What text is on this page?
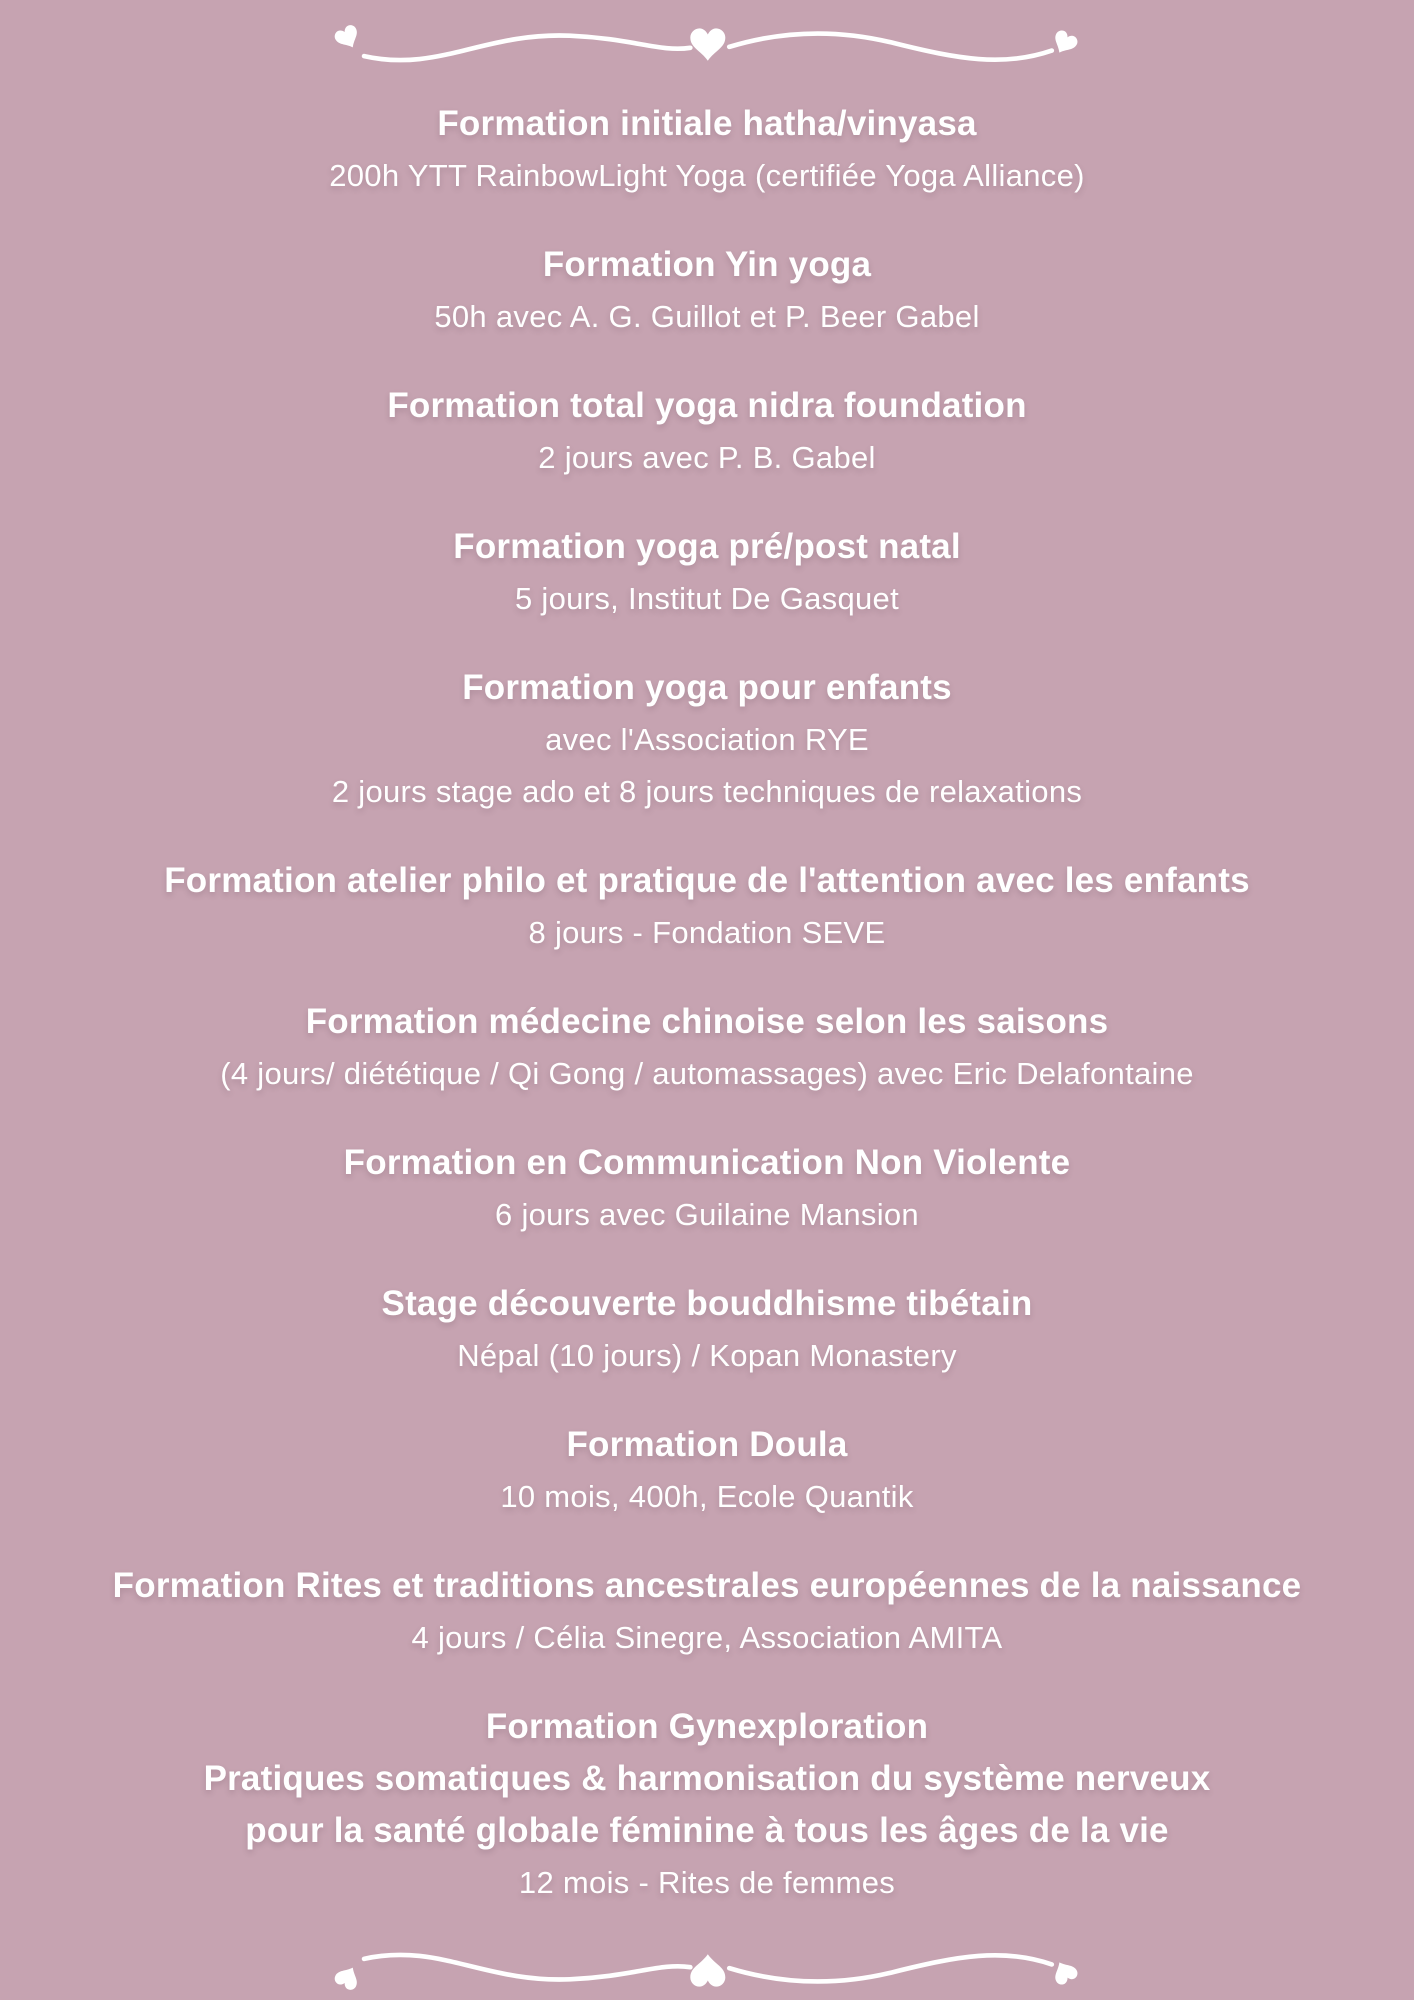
Formation initiale hatha/vinyasa
200h YTT RainbowLight Yoga (certifiée Yoga Alliance)
Formation Yin yoga
50h avec A. G. Guillot et P. Beer Gabel
Formation total yoga nidra foundation
2 jours avec P. B. Gabel
Formation yoga pré/post natal
5 jours, Institut De Gasquet
Formation yoga pour enfants
avec l'Association RYE
2 jours stage ado et 8 jours techniques de relaxations
Formation atelier philo et pratique de l'attention avec les enfants
8 jours - Fondation SEVE
Formation médecine chinoise selon les saisons
(4 jours/ diététique / Qi Gong / automassages) avec Eric Delafontaine
Formation en Communication Non Violente
6 jours avec Guilaine Mansion
Stage découverte bouddhisme tibétain
Népal (10 jours) / Kopan Monastery
Formation Doula
10 mois, 400h, Ecole Quantik
Formation Rites et traditions ancestrales européennes de la naissance
4 jours / Célia Sinegre, Association AMITA
Formation Gynexploration
Pratiques somatiques & harmonisation du système nerveux
pour la santé globale féminine à tous les âges de la vie
12 mois - Rites de femmes
